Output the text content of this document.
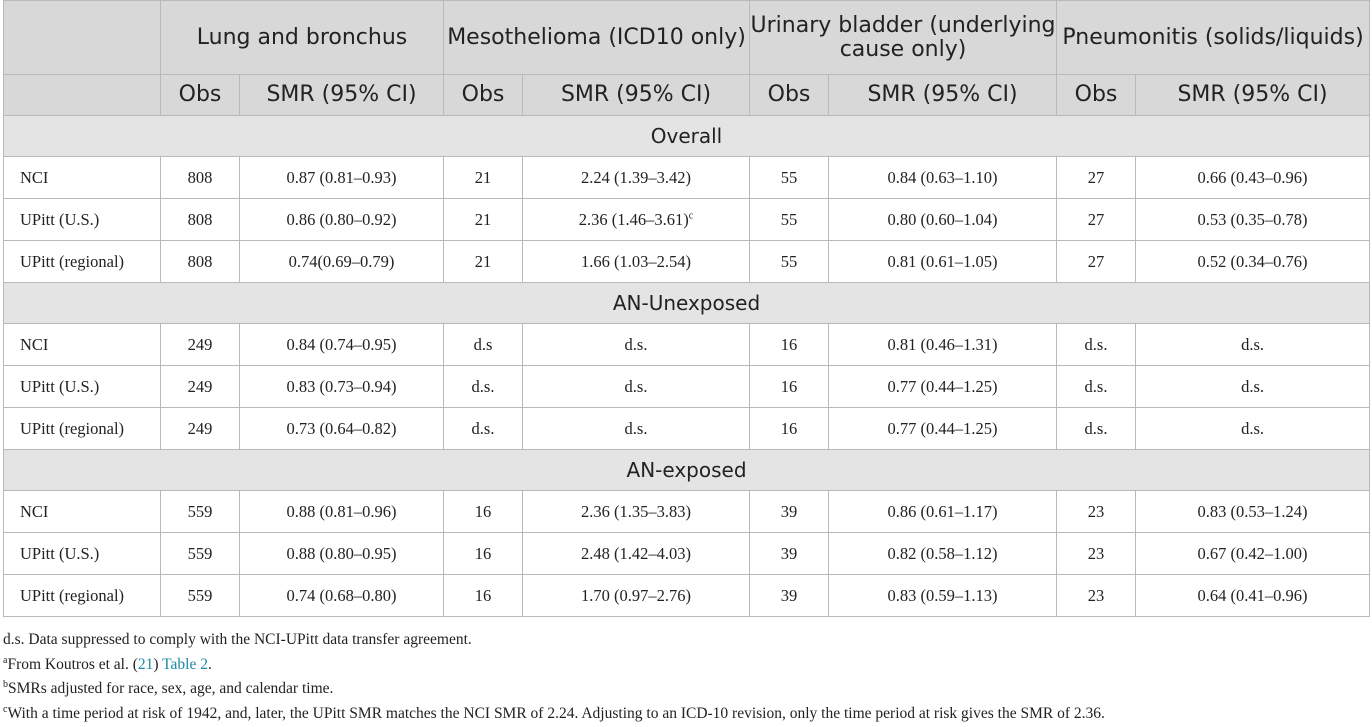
	Lung and bronchus		Mesothelioma (ICD10 only)		Urinary bladder (underlying cause only)		Pneumonitis (solids/liquids)	
	Obs	SMR (95% CI)	Obs	SMR (95% CI)	Obs	SMR (95% CI)	Obs	SMR (95% CI)
Overall								
NCI	808	0.87 (0.81–0.93)	21	2.24 (1.39–3.42)	55	0.84 (0.63–1.10)	27	0.66 (0.43–0.96)
UPitt (U.S.)	808	0.86 (0.80–0.92)	21	2.36 $(1.46-3.61)^c$	55	0.80 (0.60–1.04)	27	0.53 (0.35–0.78)
UPitt (regional)	808	0.74(0.69–0.79)	21	1.66 (1.03–2.54)	55	0.81 (0.61–1.05)	27	0.52 (0.34–0.76)
AN-Unexposed								
NCI	249	0.84 (0.74–0.95)	d.s	d.s.	16	0.81 (0.46–1.31)	d.s.	d.s.
UPitt (U.S.)	249	0.83 (0.73–0.94)	d.s.	d.s.	16	0.77 (0.44–1.25)	d.s.	d.s.
UPitt (regional)	249	0.73 (0.64–0.82)	d.s.	d.s.	16	0.77 (0.44–1.25)	d.s.	d.s.
AN-exposed								
NCI	559	0.88 (0.81–0.96)	16	2.36 (1.35–3.83)	39	0.86 (0.61–1.17)	23	0.83 (0.53–1.24)
UPitt (U.S.)	559	0.88 (0.80–0.95)	16	2.48 (1.42–4.03)	39	0.82 (0.58–1.12)	23	0.67 (0.42–1.00)
UPitt (regional)	559	0.74 (0.68–0.80)	16	1.70 (0.97–2.76)	39	0.83 (0.59–1.13)	23	0.64 (0.41–0.96)
d.s. Data suppressed to comply with the NCI-UPitt data transfer agreement.
$^a$From Koutros et al. (21) Table 2.
$^b$SMRs adjusted for race, sex, age, and calendar time.
$^c$With a time period at risk of 1942, and, later, the UPitt SMR matches the NCI SMR of 2.24. Adjusting to an ICD-10 revision, only the time period at risk gives the SMR of 2.36.
